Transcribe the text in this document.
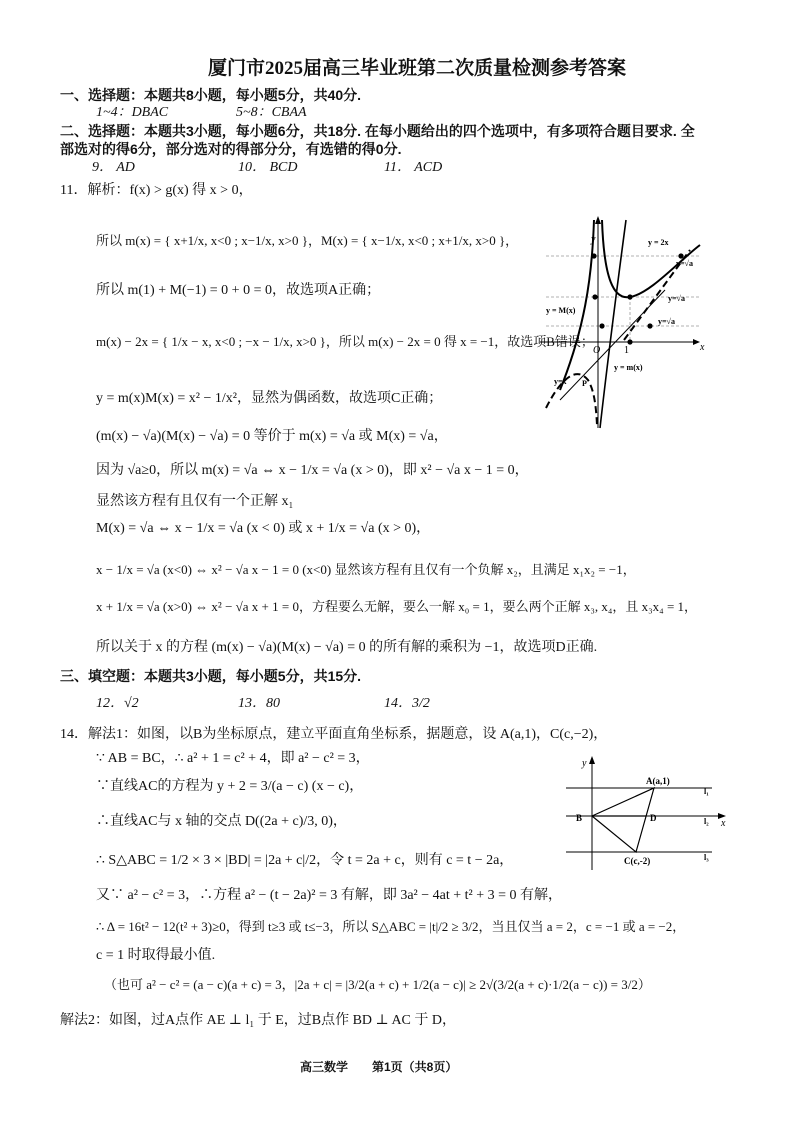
厦门市2025届高三毕业班第二次质量检测参考答案
一、选择题：本题共8小题，每小题5分，共40分.
1~4：DBAC	5~8：CBAA
二、选择题：本题共3小题，每小题6分，共18分. 在每小题给出的四个选项中，有多项符合题目要求. 全
部选对的得6分，部分选对的得部分分，有选错的得0分.
9． AD	10． BCD	11． ACD
11．解析：f(x) > g(x) 得 x > 0，
所以 m(x) = { x+1/x, x<0 ; x−1/x, x>0 }，M(x) = { x−1/x, x<0 ; x+1/x, x>0 }，
所以 m(1) + M(−1) = 0 + 0 = 0，故选项A正确；
m(x) − 2x = { 1/x − x, x<0 ; −x − 1/x, x>0 }，所以 m(x) − 2x = 0 得 x = −1，故选项B错误；
y = m(x)M(x) = x² − 1/x²，显然为偶函数，故选项C正确；
(m(x) − √a)(M(x) − √a) = 0 等价于 m(x) = √a 或 M(x) = √a，
因为 √a≥0，所以 m(x) = √a ⇔ x − 1/x = √a (x > 0)，即 x² − √a x − 1 = 0，
显然该方程有且仅有一个正解 x₁
M(x) = √a ⇔ x − 1/x = √a (x < 0) 或 x + 1/x = √a (x > 0)，
x − 1/x = √a (x<0) ⇔ x² − √a x − 1 = 0 (x<0) 显然该方程有且仅有一个负解 x₂，且满足 x₁x₂ = −1，
x + 1/x = √a (x>0) ⇔ x² − √a x + 1 = 0，方程要么无解，要么一解 x₀ = 1，要么两个正解 x₃, x₄，且 x₃x₄ = 1，
所以关于 x 的方程 (m(x) − √a)(M(x) − √a) = 0 的所有解的乘积为 −1，故选项D正确.
y
x
O 1
y = 2x
y = M(x)
y = m(x)
y=√a
y=√a
y=√a
y=x P
三、填空题：本题共3小题，每小题5分，共15分.
12．√2	13．80	14．3/2
14．解法1：如图，以B为坐标原点，建立平面直角坐标系，据题意，设 A(a,1)，C(c,−2)，
∵ AB = BC，∴ a² + 1 = c² + 4，即 a² − c² = 3，
∵直线AC的方程为 y + 2 = 3/(a − c) (x − c)，
∴直线AC与 x 轴的交点 D((2a + c)/3, 0)，
∴ S△ABC = 1/2 × 3 × |BD| = |2a + c|/2，令 t = 2a + c，则有 c = t − 2a，
又∵ a² − c² = 3，∴方程 a² − (t − 2a)² = 3 有解，即 3a² − 4at + t² + 3 = 0 有解，
∴ Δ = 16t² − 12(t² + 3)≥0，得到 t≥3 或 t≤−3，所以 S△ABC = |t|/2 ≥ 3/2，当且仅当 a = 2，c = −1 或 a = −2，
c = 1 时取得最小值.
（也可 a² − c² = (a − c)(a + c) = 3，|2a + c| = |3/2(a + c) + 1/2(a − c)| ≥ 2√(3/2(a + c)·1/2(a − c)) = 3/2）
解法2：如图，过A点作 AE ⊥ l₁ 于 E，过B点作 BD ⊥ AC 于 D，
y
x
A(a,1)
B	D
C(c,-2)
l₁
l₂
l₃
高三数学　　第1页（共8页）
